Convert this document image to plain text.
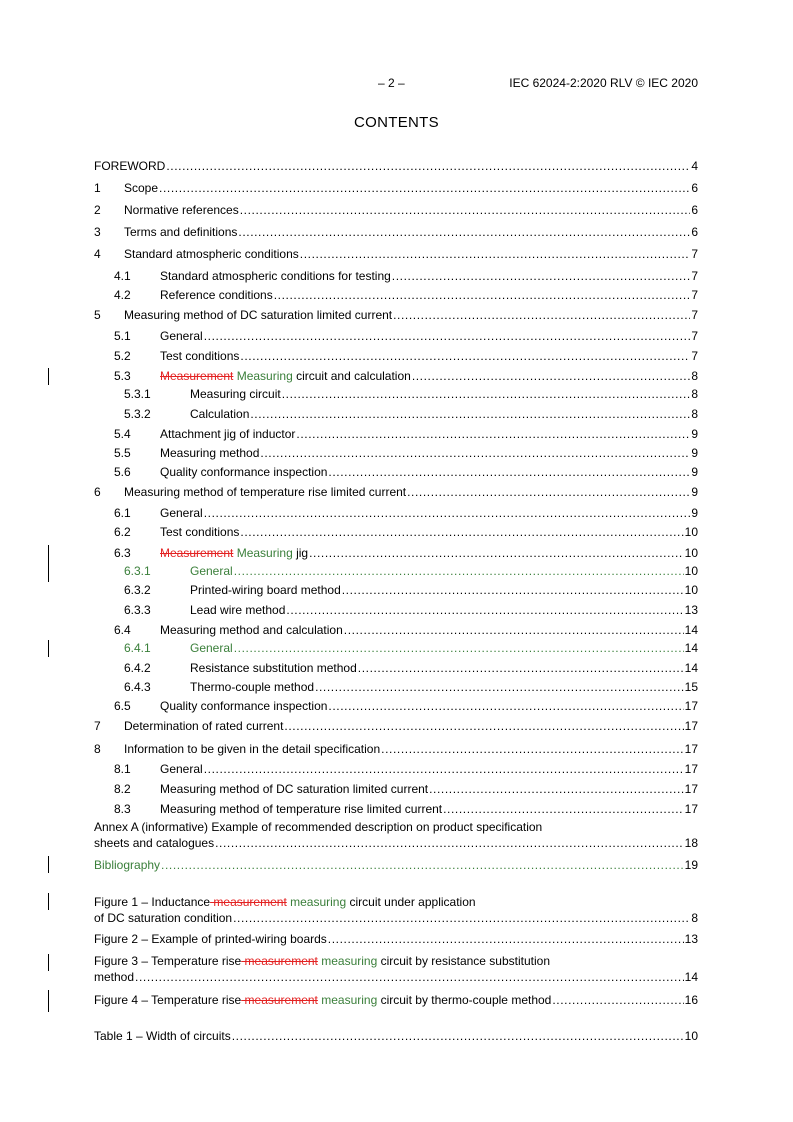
– 2 –	IEC 62024-2:2020 RLV © IEC 2020
CONTENTS
FOREWORD .....	4
1 Scope .....	6
2 Normative references .....	6
3 Terms and definitions .....	6
4 Standard atmospheric conditions .....	7
4.1 Standard atmospheric conditions for testing .....	7
4.2 Reference conditions .....	7
5 Measuring method of DC saturation limited current .....	7
5.1 General .....	7
5.2 Test conditions .....	7
5.3 Measurement Measuring circuit and calculation .....	8
5.3.1	Measuring circuit .....	8
5.3.2	Calculation .....	8
5.4 Attachment jig of inductor .....	9
5.5 Measuring method .....	9
5.6 Quality conformance inspection .....	9
6 Measuring method of temperature rise limited current .....	9
6.1 General .....	9
6.2 Test conditions .....	10
6.3 Measurement Measuring jig .....	10
6.3.1	General .....	10
6.3.2	Printed-wiring board method .....	10
6.3.3	Lead wire method .....	13
6.4 Measuring method and calculation .....	14
6.4.1	General .....	14
6.4.2	Resistance substitution method .....	14
6.4.3	Thermo-couple method .....	15
6.5 Quality conformance inspection .....	17
7 Determination of rated current .....	17
8 Information to be given in the detail specification .....	17
8.1 General .....	17
8.2 Measuring method of DC saturation limited current .....	17
8.3 Measuring method of temperature rise limited current .....	17
Annex A (informative) Example of recommended description on product specification
sheets and catalogues .....	18
Bibliography .....	19
Figure 1 – Inductance measurement measuring circuit under application
of DC saturation condition .....	8
Figure 2 – Example of printed-wiring boards .....	13
Figure 3 – Temperature rise measurement measuring circuit by resistance substitution
method .....	14
Figure 4 – Temperature rise measurement measuring circuit by thermo-couple method .....	16
Table 1 – Width of circuits .....	10
